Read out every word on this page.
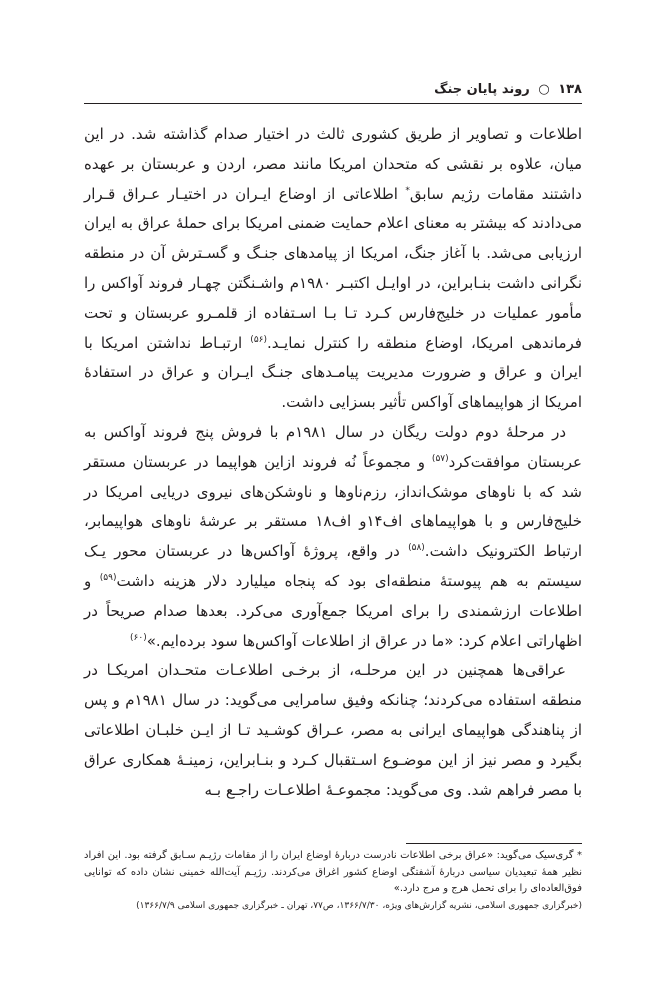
۱۳۸ ○ روند پایان جنگ

اطلاعات و تصاویر از طریق کشوری ثالث در اختیار صدام گذاشته شد. در این میان، علاوه بر نقشی که متحدان امریکا مانند مصر، اردن و عربستان بر عهده داشتند مقامات رژیم سابق* اطلاعاتی از اوضاع ایـران در اختیـار عـراق قـرار می‌دادند که بیشتر به معنای اعلام حمایت ضمنی امریکا برای حملهٔ عراق به ایران ارزیابی می‌شد. با آغاز جنگ، امریکا از پیامدهای جنـگ و گسـترش آن در منطقه نگرانی داشت بنـابراین، در اوایـل اکتبـر ۱۹۸۰م واشـنگتن چهـار فروند آواکس را مأمور عملیات در خلیج‌فارس کـرد تـا بـا اسـتفاده از قلمـرو عربستان و تحت فرماندهی امریکا، اوضاع منطقه را کنترل نمایـد.$^{(۵۶)}$ ارتبـاط نداشتن امریکا با ایران و عراق و ضرورت مدیریت پیامـدهای جنـگ ایـران و عراق در استفادهٔ امریکا از هواپیماهای آواکس تأثیر بسزایی داشت.

در مرحلهٔ دوم دولت ریگان در سال ۱۹۸۱م با فروش پنج فروند آواکس به عربستان موافقت‌کرد$^{(۵۷)}$ و مجموعاً نُه فروند ازاین هواپیما در عربستان مستقر شد که با ناوهای موشک‌انداز، رزم‌ناوها و ناوشکن‌های نیروی دریایی امریکا در خلیج‌فارس و با هواپیماهای اف۱۴و اف۱۸ مستقر بر عرشهٔ ناوهای هواپیمابر، ارتباط الکترونیک داشت.$^{(۵۸)}$ در واقع، پروژهٔ آواکس‌ها در عربستان محور یـک سیستم به هم پیوستهٔ منطقه‌ای بود که پنجاه میلیارد دلار هزینه داشت$^{(۵۹)}$ و اطلاعات ارزشمندی را برای امریکا جمع‌آوری می‌کرد. بعدها صدام صریحاً در اظهاراتی اعلام کرد: «ما در عراق از اطلاعات آواکس‌ها سود برده‌ایم.»$^{(۶۰)}$

عراقی‌ها همچنین در این مرحلـه، از برخـی اطلاعـات متحـدان امریکـا در منطقه استفاده می‌کردند؛ چنانکه وفیق سامرایی می‌گوید: در سال ۱۹۸۱م و پس از پناهندگی هواپیمای ایرانی به مصر، عـراق کوشـید تـا از ایـن خلبـان اطلاعاتی بگیرد و مصر نیز از این موضـوع اسـتقبال کـرد و بنـابراین، زمینـهٔ همکاری عراق با مصر فراهم شد. وی می‌گوید: مجموعـهٔ اطلاعـات راجـع بـه

* گری‌سیک می‌گوید: «عراق برخی اطلاعات نادرست دربارهٔ اوضاع ایران را از مقامات رژیـم سـابق گرفته بود. این افراد نظیر همهٔ تبعیدیان سیاسی دربارهٔ آشفتگی اوضاع کشور اغراق می‌کردند. رژیـم آیت‌الله خمینی نشان داده که توانایی فوق‌العاده‌ای را برای تحمل هرج و مرج دارد.»

(خبرگزاری جمهوری اسلامی، نشریه گزارش‌های ویژه، ۱۳۶۶/۷/۳۰، ص۷۷، تهران ـ خبرگزاری جمهوری اسلامی ۱۳۶۶/۷/۹)
